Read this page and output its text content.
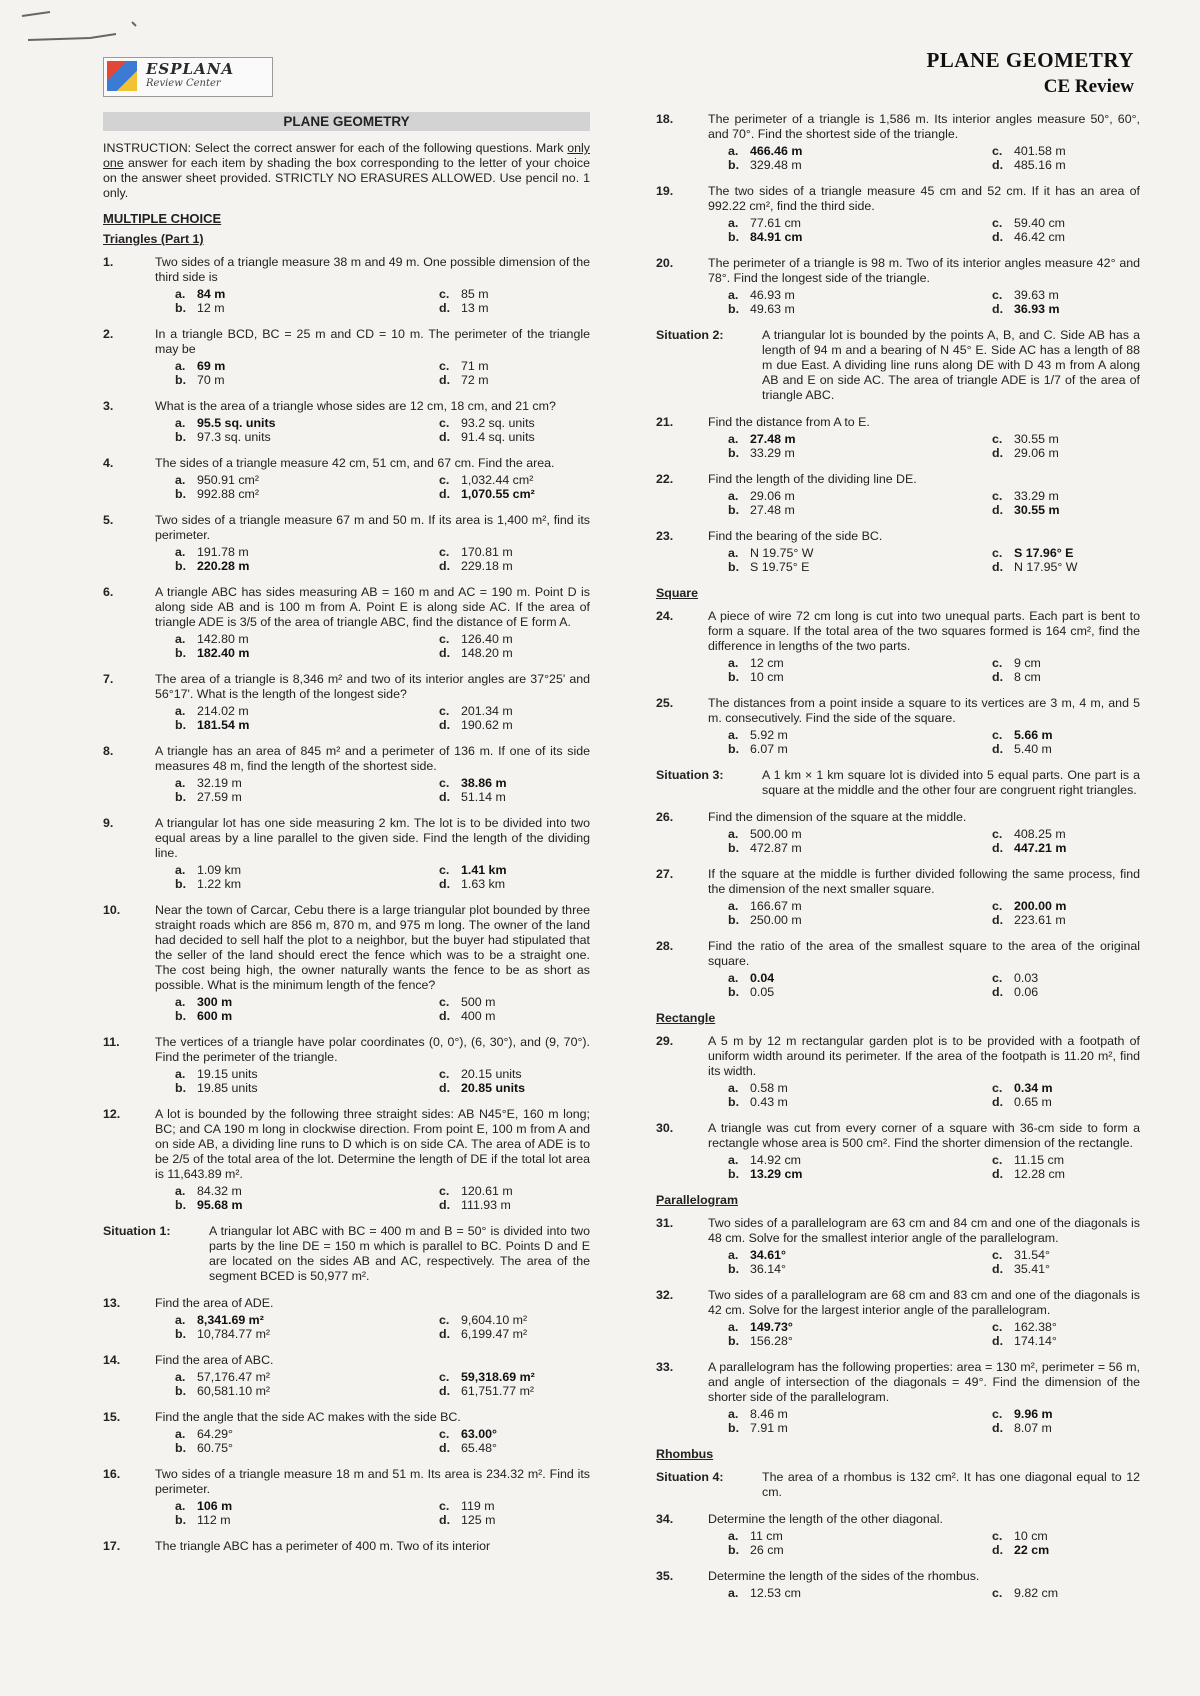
ESPLANA
Review Center
PLANE GEOMETRY
CE Review
PLANE GEOMETRY
INSTRUCTION: Select the correct answer for each of the following questions. Mark only one answer for each item by shading the box corresponding to the letter of your choice on the answer sheet provided. STRICTLY NO ERASURES ALLOWED. Use pencil no. 1 only.
MULTIPLE CHOICE
Triangles (Part 1)
1.	Two sides of a triangle measure 38 m and 49 m. One possible dimension of the third side is
a. 84 m	c. 85 m
b. 12 m	d. 13 m
2.	In a triangle BCD, BC = 25 m and CD = 10 m. The perimeter of the triangle may be
a. 69 m	c. 71 m
b. 70 m	d. 72 m
3.	What is the area of a triangle whose sides are 12 cm, 18 cm, and 21 cm?
a. 95.5 sq. units	c. 93.2 sq. units
b. 97.3 sq. units	d. 91.4 sq. units
4.	The sides of a triangle measure 42 cm, 51 cm, and 67 cm. Find the area.
a. 950.91 cm²	c. 1,032.44 cm²
b. 992.88 cm²	d. 1,070.55 cm²
5.	Two sides of a triangle measure 67 m and 50 m. If its area is 1,400 m², find its perimeter.
a. 191.78 m	c. 170.81 m
b. 220.28 m	d. 229.18 m
6.	A triangle ABC has sides measuring AB = 160 m and AC = 190 m. Point D is along side AB and is 100 m from A. Point E is along side AC. If the area of triangle ADE is 3/5 of the area of triangle ABC, find the distance of E form A.
a. 142.80 m	c. 126.40 m
b. 182.40 m	d. 148.20 m
7.	The area of a triangle is 8,346 m² and two of its interior angles are 37°25' and 56°17'. What is the length of the longest side?
a. 214.02 m	c. 201.34 m
b. 181.54 m	d. 190.62 m
8.	A triangle has an area of 845 m² and a perimeter of 136 m. If one of its side measures 48 m, find the length of the shortest side.
a. 32.19 m	c. 38.86 m
b. 27.59 m	d. 51.14 m
9.	A triangular lot has one side measuring 2 km. The lot is to be divided into two equal areas by a line parallel to the given side. Find the length of the dividing line.
a. 1.09 km	c. 1.41 km
b. 1.22 km	d. 1.63 km
10.	Near the town of Carcar, Cebu there is a large triangular plot bounded by three straight roads which are 856 m, 870 m, and 975 m long. The owner of the land had decided to sell half the plot to a neighbor, but the buyer had stipulated that the seller of the land should erect the fence which was to be a straight one. The cost being high, the owner naturally wants the fence to be as short as possible. What is the minimum length of the fence?
a. 300 m	c. 500 m
b. 600 m	d. 400 m
11.	The vertices of a triangle have polar coordinates (0, 0°), (6, 30°), and (9, 70°). Find the perimeter of the triangle.
a. 19.15 units	c. 20.15 units
b. 19.85 units	d. 20.85 units
12.	A lot is bounded by the following three straight sides: AB N45°E, 160 m long; BC; and CA 190 m long in clockwise direction. From point E, 100 m from A and on side AB, a dividing line runs to D which is on side CA. The area of ADE is to be 2/5 of the total area of the lot. Determine the length of DE if the total lot area is 11,643.89 m².
a. 84.32 m	c. 120.61 m
b. 95.68 m	d. 111.93 m
Situation 1:	A triangular lot ABC with BC = 400 m and B = 50° is divided into two parts by the line DE = 150 m which is parallel to BC. Points D and E are located on the sides AB and AC, respectively. The area of the segment BCED is 50,977 m².
13.	Find the area of ADE.
a. 8,341.69 m²	c. 9,604.10 m²
b. 10,784.77 m²	d. 6,199.47 m²
14.	Find the area of ABC.
a. 57,176.47 m²	c. 59,318.69 m²
b. 60,581.10 m²	d. 61,751.77 m²
15.	Find the angle that the side AC makes with the side BC.
a. 64.29°	c. 63.00°
b. 60.75°	d. 65.48°
16.	Two sides of a triangle measure 18 m and 51 m. Its area is 234.32 m². Find its perimeter.
a. 106 m	c. 119 m
b. 112 m	d. 125 m
17.	The triangle ABC has a perimeter of 400 m. Two of its interior
18.	The perimeter of a triangle is 1,586 m. Its interior angles measure 50°, 60°, and 70°. Find the shortest side of the triangle.
a. 466.46 m	c. 401.58 m
b. 329.48 m	d. 485.16 m
19.	The two sides of a triangle measure 45 cm and 52 cm. If it has an area of 992.22 cm², find the third side.
a. 77.61 cm	c. 59.40 cm
b. 84.91 cm	d. 46.42 cm
20.	The perimeter of a triangle is 98 m. Two of its interior angles measure 42° and 78°. Find the longest side of the triangle.
a. 46.93 m	c. 39.63 m
b. 49.63 m	d. 36.93 m
Situation 2:	A triangular lot is bounded by the points A, B, and C. Side AB has a length of 94 m and a bearing of N 45° E. Side AC has a length of 88 m due East. A dividing line runs along DE with D 43 m from A along AB and E on side AC. The area of triangle ADE is 1/7 of the area of triangle ABC.
21.	Find the distance from A to E.
a. 27.48 m	c. 30.55 m
b. 33.29 m	d. 29.06 m
22.	Find the length of the dividing line DE.
a. 29.06 m	c. 33.29 m
b. 27.48 m	d. 30.55 m
23.	Find the bearing of the side BC.
a. N 19.75° W	c. S 17.96° E
b. S 19.75° E	d. N 17.95° W
Square
24.	A piece of wire 72 cm long is cut into two unequal parts. Each part is bent to form a square. If the total area of the two squares formed is 164 cm², find the difference in lengths of the two parts.
a. 12 cm	c. 9 cm
b. 10 cm	d. 8 cm
25.	The distances from a point inside a square to its vertices are 3 m, 4 m, and 5 m. consecutively. Find the side of the square.
a. 5.92 m	c. 5.66 m
b. 6.07 m	d. 5.40 m
Situation 3:	A 1 km × 1 km square lot is divided into 5 equal parts. One part is a square at the middle and the other four are congruent right triangles.
26.	Find the dimension of the square at the middle.
a. 500.00 m	c. 408.25 m
b. 472.87 m	d. 447.21 m
27.	If the square at the middle is further divided following the same process, find the dimension of the next smaller square.
a. 166.67 m	c. 200.00 m
b. 250.00 m	d. 223.61 m
28.	Find the ratio of the area of the smallest square to the area of the original square.
a. 0.04	c. 0.03
b. 0.05	d. 0.06
Rectangle
29.	A 5 m by 12 m rectangular garden plot is to be provided with a footpath of uniform width around its perimeter. If the area of the footpath is 11.20 m², find its width.
a. 0.58 m	c. 0.34 m
b. 0.43 m	d. 0.65 m
30.	A triangle was cut from every corner of a square with 36-cm side to form a rectangle whose area is 500 cm². Find the shorter dimension of the rectangle.
a. 14.92 cm	c. 11.15 cm
b. 13.29 cm	d. 12.28 cm
Parallelogram
31.	Two sides of a parallelogram are 63 cm and 84 cm and one of the diagonals is 48 cm. Solve for the smallest interior angle of the parallelogram.
a. 34.61°	c. 31.54°
b. 36.14°	d. 35.41°
32.	Two sides of a parallelogram are 68 cm and 83 cm and one of the diagonals is 42 cm. Solve for the largest interior angle of the parallelogram.
a. 149.73°	c. 162.38°
b. 156.28°	d. 174.14°
33.	A parallelogram has the following properties: area = 130 m², perimeter = 56 m, and angle of intersection of the diagonals = 49°. Find the dimension of the shorter side of the parallelogram.
a. 8.46 m	c. 9.96 m
b. 7.91 m	d. 8.07 m
Rhombus
Situation 4:	The area of a rhombus is 132 cm². It has one diagonal equal to 12 cm.
34.	Determine the length of the other diagonal.
a. 11 cm	c. 10 cm
b. 26 cm	d. 22 cm
35.	Determine the length of the sides of the rhombus.
a. 12.53 cm	c. 9.82 cm
